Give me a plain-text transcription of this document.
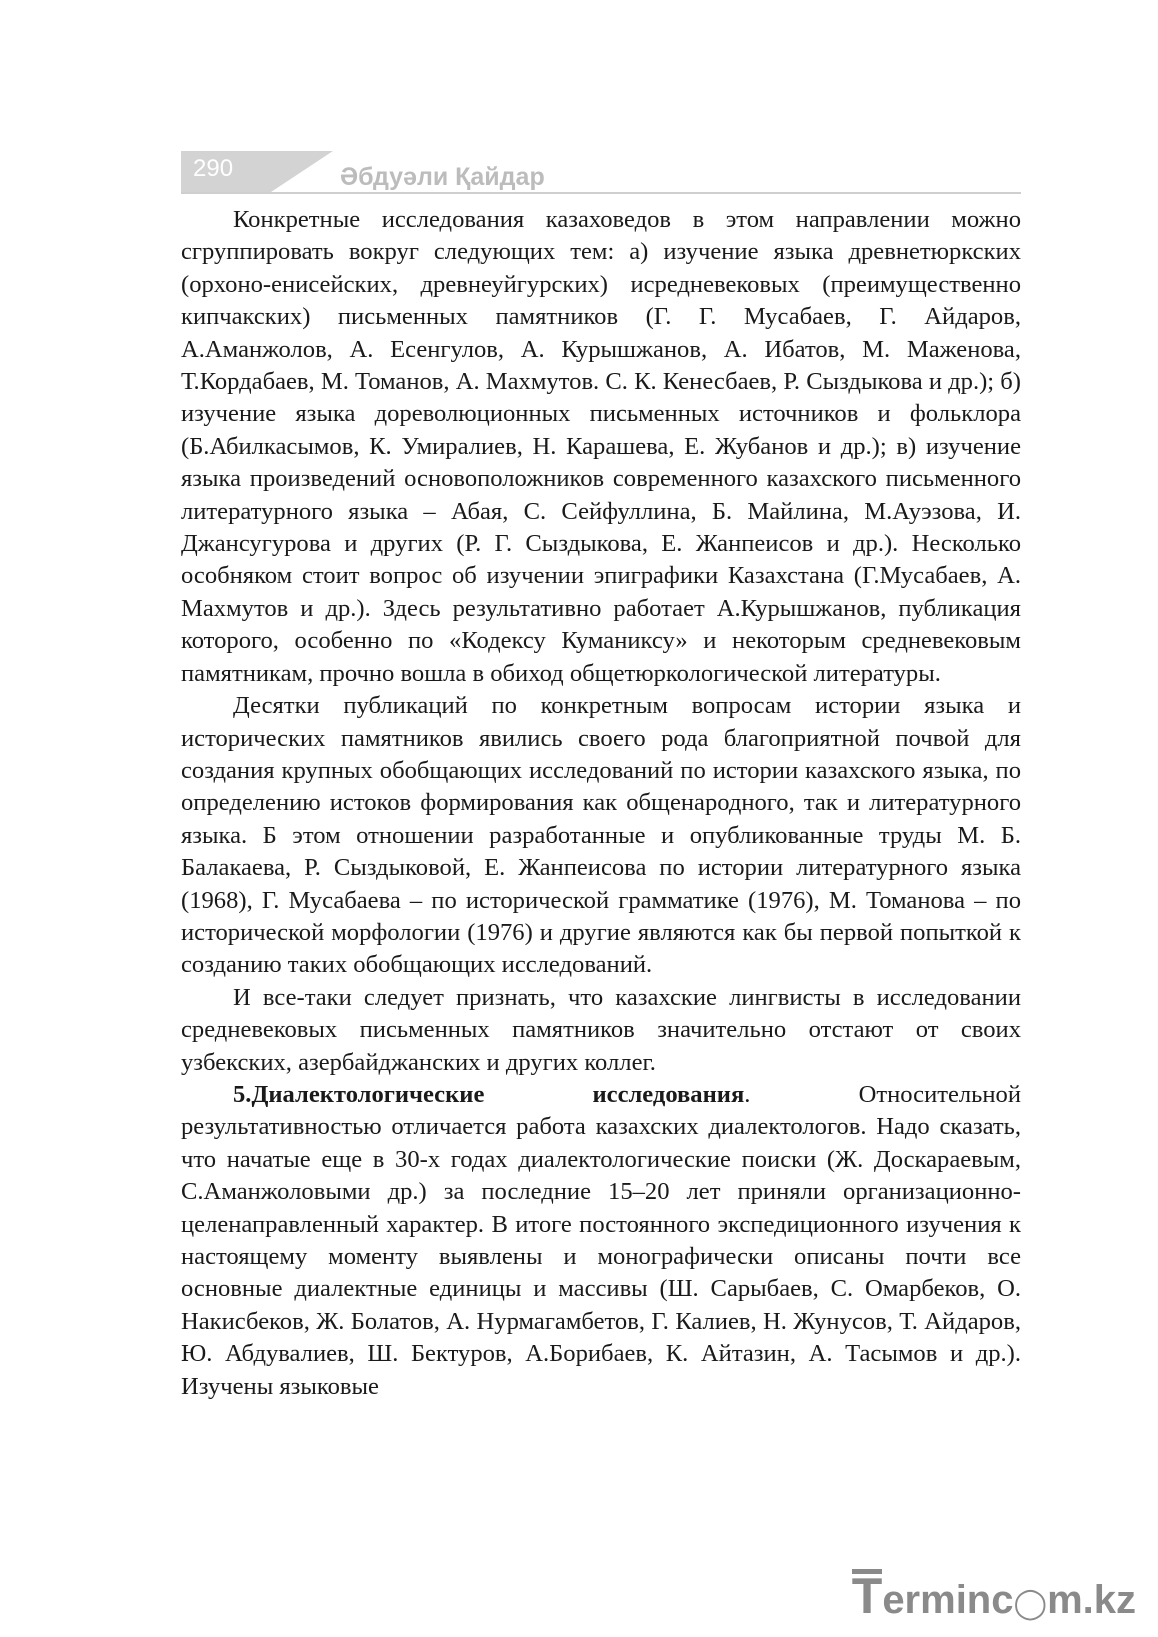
290	Әбдуәли Қайдар

Конкретные исследования казаховедов в этом направлении можно сгруппировать вокруг следующих тем: а) изучение языка древнетюркских (орхоно-енисейских, древнеуйгурских) исредневековых (преимущественно кипчакских) письменных памятников (Г. Г. Мусабаев, Г. Айдаров, А.Аманжолов, А. Есенгулов, А. Курышжанов, А. Ибатов, М. Маженова, Т.Кордабаев, М. Томанов, А. Махмутов. С. К. Кенесбаев, Р. Сыздыкова и др.); б) изучение языка дореволюционных письменных источников и фольклора (Б.Абилкасымов, К. Умиралиев, Н. Карашева, Е. Жубанов и др.); в) изучение языка произведений основоположников современного казахского письменного литературного языка – Абая, С. Сейфуллина, Б. Майлина, М.Ауэзова, И. Джансугурова и других (Р. Г. Сыздыкова, Е. Жанпеисов и др.). Несколько особняком стоит вопрос об изучении эпиграфики Казахстана (Г.Мусабаев, А. Махмутов и др.). Здесь результативно работает А.Курышжанов, публикация которого, особенно по «Кодексу Куманиксу» и некоторым средневековым памятникам, прочно вошла в обиход общетюркологической литературы.

Десятки публикаций по конкретным вопросам истории языка и исторических памятников явились своего рода благоприятной почвой для создания крупных обобщающих исследований по истории казахского языка, по определению истоков формирования как общенародного, так и литературного языка. Б этом отношении разработанные и опубликованные труды М. Б. Балакаева, Р. Сыздыковой, Е. Жанпеисова по истории литературного языка (1968), Г. Мусабаева – по исторической грамматике (1976), М. Томанова – по исторической морфологии (1976) и другие являются как бы первой попыткой к созданию таких обобщающих исследований.

И все-таки следует признать, что казахские лингвисты в исследовании средневековых письменных памятников значительно отстают от своих узбекских, азербайджанских и других коллег.

5.Диалектологические исследования. Относительной результативностью отличается работа казахских диалектологов. Надо сказать, что начатые еще в 30-х годах диалектологические поиски (Ж. Доскараевым, С.Аманжоловыми др.) за последние 15–20 лет приняли организационно-целенаправленный характер. В итоге постоянного экспедиционного изучения к настоящему моменту выявлены и монографически описаны почти все основные диалектные единицы и массивы (Ш. Сарыбаев, С. Омарбеков, О. Накисбеков, Ж. Болатов, А. Нурмагамбетов, Г. Калиев, Н. Жунусов, Т. Айдаров, Ю. Абдувалиев, Ш. Бектуров, А.Борибаев, К. Айтазин, А. Тасымов и др.). Изучены языковые

T erminc ◯ m.kz
